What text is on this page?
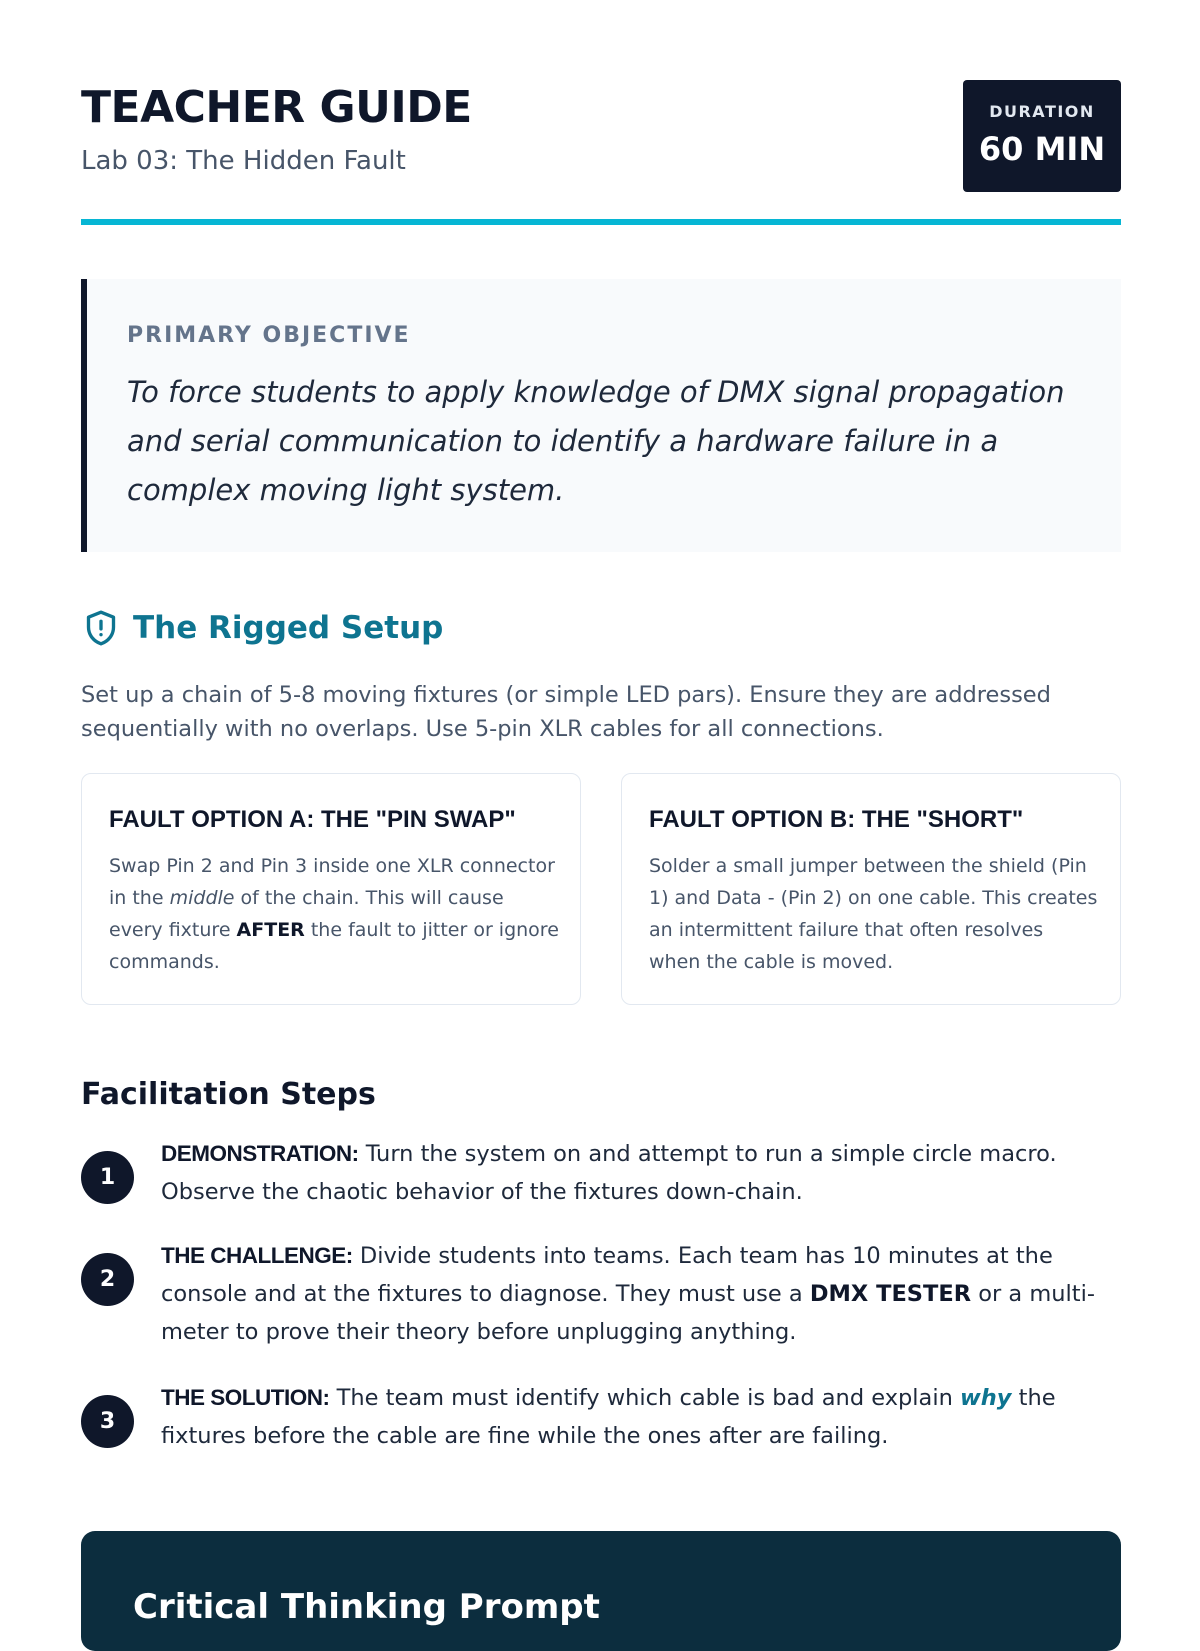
TEACHER GUIDE
Lab 03: The Hidden Fault
DURATION
60 MIN
PRIMARY OBJECTIVE
To force students to apply knowledge of DMX signal propagation and serial communication to identify a hardware failure in a complex moving light system.
The Rigged Setup
Set up a chain of 5-8 moving fixtures (or simple LED pars). Ensure they are addressed sequentially with no overlaps. Use 5-pin XLR cables for all connections.
FAULT OPTION A: THE "PIN SWAP"
Swap Pin 2 and Pin 3 inside one XLR connector in the middle of the chain. This will cause every fixture AFTER the fault to jitter or ignore commands.
FAULT OPTION B: THE "SHORT"
Solder a small jumper between the shield (Pin 1) and Data - (Pin 2) on one cable. This creates an intermittent failure that often resolves when the cable is moved.
Facilitation Steps
1
DEMONSTRATION: Turn the system on and attempt to run a simple circle macro. Observe the chaotic behavior of the fixtures down-chain.
2
THE CHALLENGE: Divide students into teams. Each team has 10 minutes at the console and at the fixtures to diagnose. They must use a DMX TESTER or a multi-meter to prove their theory before unplugging anything.
3
THE SOLUTION: The team must identify which cable is bad and explain why the fixtures before the cable are fine while the ones after are failing.
Critical Thinking Prompt
